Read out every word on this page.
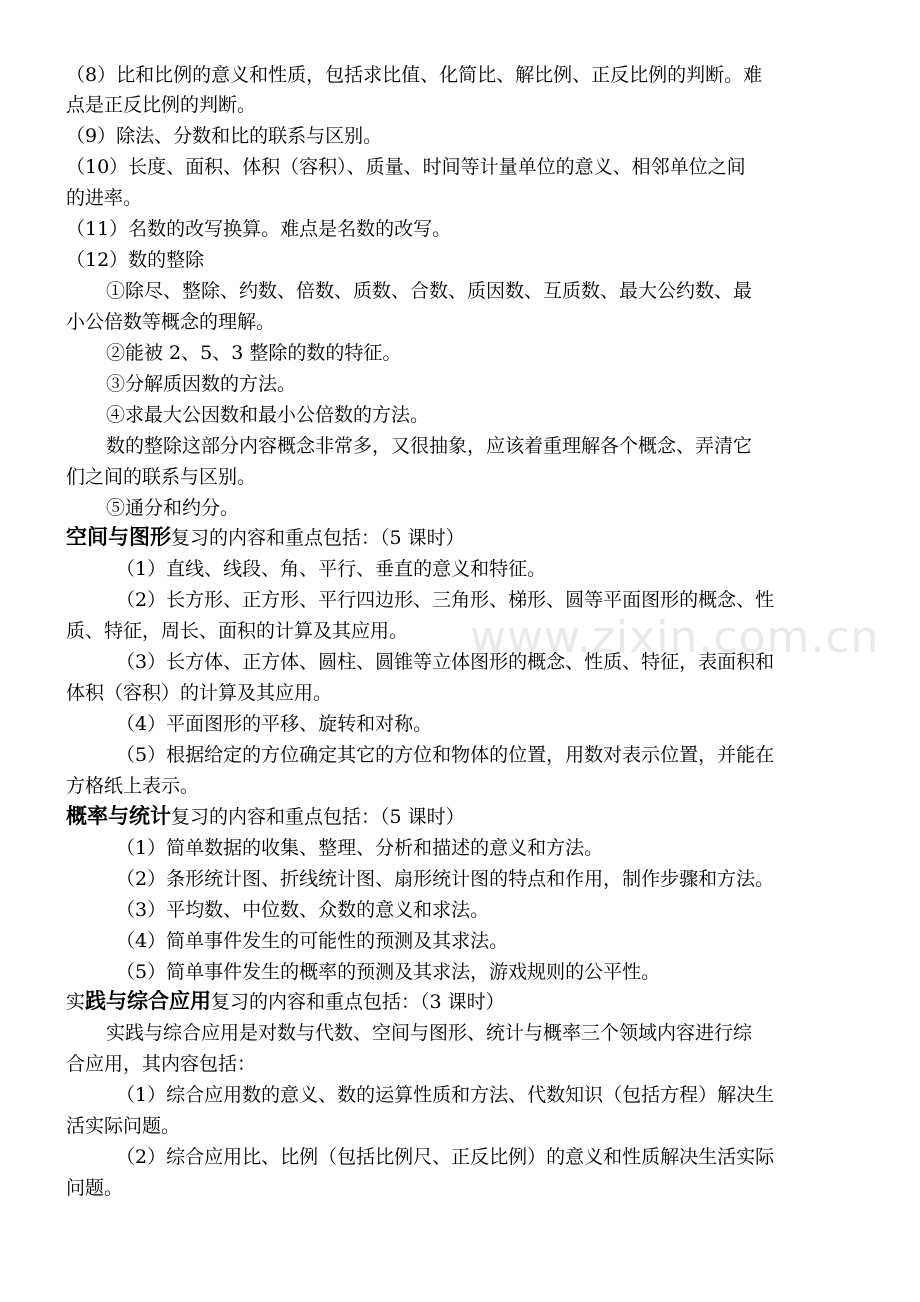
www.zixin.com.cn
（8）比和比例的意义和性质，包括求比值、化简比、解比例、正反比例的判断。难
点是正反比例的判断。
（9）除法、分数和比的联系与区别。
（10）长度、面积、体积（容积）、质量、时间等计量单位的意义、相邻单位之间
的进率。
（11）名数的改写换算。难点是名数的改写。
（12）数的整除
①除尽、整除、约数、倍数、质数、合数、质因数、互质数、最大公约数、最
小公倍数等概念的理解。
②能被 2、5、3 整除的数的特征。
③分解质因数的方法。
④求最大公因数和最小公倍数的方法。
数的整除这部分内容概念非常多，又很抽象，应该着重理解各个概念、弄清它
们之间的联系与区别。
⑤通分和约分。
空间与图形复习的内容和重点包括：（5 课时）
（1）直线、线段、角、平行、垂直的意义和特征。
（2）长方形、正方形、平行四边形、三角形、梯形、圆等平面图形的概念、性
质、特征，周长、面积的计算及其应用。
（3）长方体、正方体、圆柱、圆锥等立体图形的概念、性质、特征，表面积和
体积（容积）的计算及其应用。
（4）平面图形的平移、旋转和对称。
（5）根据给定的方位确定其它的方位和物体的位置，用数对表示位置，并能在
方格纸上表示。
概率与统计复习的内容和重点包括：（5 课时）
（1）简单数据的收集、整理、分析和描述的意义和方法。
（2）条形统计图、折线统计图、扇形统计图的特点和作用，制作步骤和方法。
（3）平均数、中位数、众数的意义和求法。
（4）简单事件发生的可能性的预测及其求法。
（5）简单事件发生的概率的预测及其求法，游戏规则的公平性。
实践与综合应用复习的内容和重点包括：（3 课时）
实践与综合应用是对数与代数、空间与图形、统计与概率三个领域内容进行综
合应用，其内容包括：
（1）综合应用数的意义、数的运算性质和方法、代数知识（包括方程）解决生
活实际问题。
（2）综合应用比、比例（包括比例尺、正反比例）的意义和性质解决生活实际
问题。
